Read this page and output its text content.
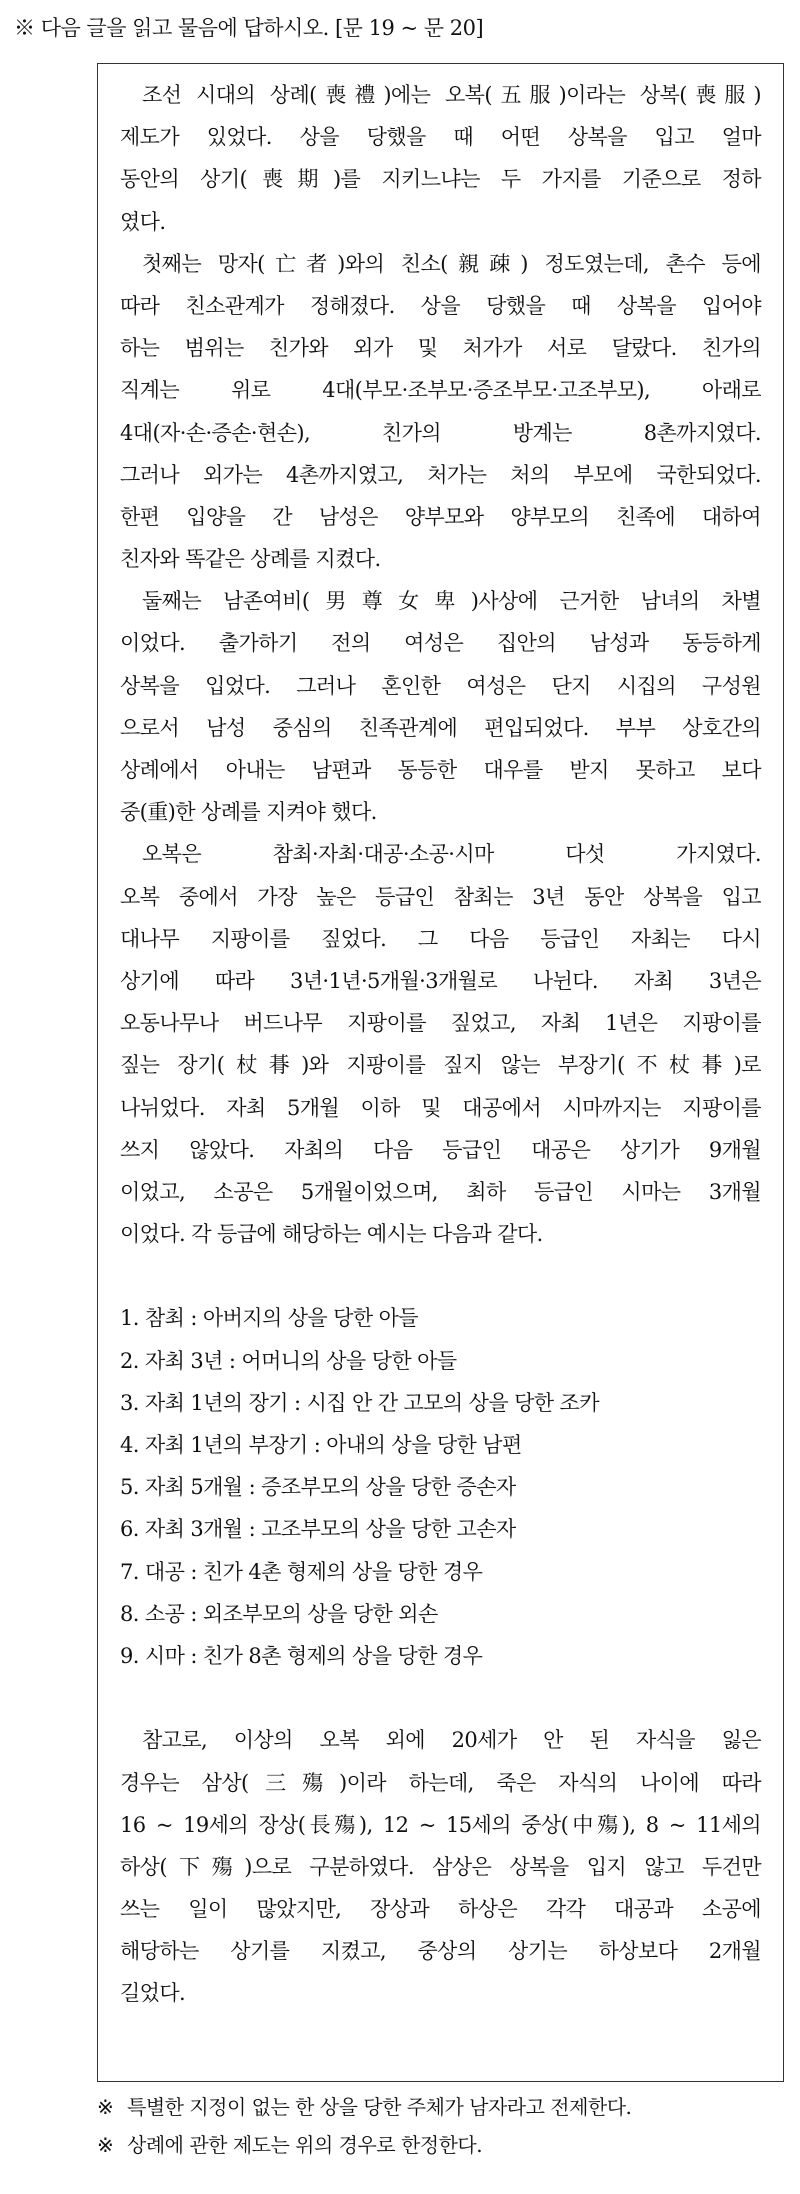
※ 다음 글을 읽고 물음에 답하시오. [문 19 ~ 문 20]
조선 시대의 상례(喪禮)에는 오복(五服)이라는 상복(喪服)
제도가 있었다. 상을 당했을 때 어떤 상복을 입고 얼마
동안의 상기(喪期)를 지키느냐는 두 가지를 기준으로 정하
였다.
첫째는 망자(亡者)와의 친소(親疎) 정도였는데, 촌수 등에
따라 친소관계가 정해졌다. 상을 당했을 때 상복을 입어야
하는 범위는 친가와 외가 및 처가가 서로 달랐다. 친가의
직계는 위로 4대(부모·조부모·증조부모·고조부모), 아래로
4대(자·손·증손·현손), 친가의 방계는 8촌까지였다.
그러나 외가는 4촌까지였고, 처가는 처의 부모에 국한되었다.
한편 입양을 간 남성은 양부모와 양부모의 친족에 대하여
친자와 똑같은 상례를 지켰다.
둘째는 남존여비(男尊女卑)사상에 근거한 남녀의 차별
이었다. 출가하기 전의 여성은 집안의 남성과 동등하게
상복을 입었다. 그러나 혼인한 여성은 단지 시집의 구성원
으로서 남성 중심의 친족관계에 편입되었다. 부부 상호간의
상례에서 아내는 남편과 동등한 대우를 받지 못하고 보다
중(重)한 상례를 지켜야 했다.
오복은 참최·자최·대공·소공·시마 다섯 가지였다.
오복 중에서 가장 높은 등급인 참최는 3년 동안 상복을 입고
대나무 지팡이를 짚었다. 그 다음 등급인 자최는 다시
상기에 따라 3년·1년·5개월·3개월로 나뉜다. 자최 3년은
오동나무나 버드나무 지팡이를 짚었고, 자최 1년은 지팡이를
짚는 장기(杖朞)와 지팡이를 짚지 않는 부장기(不杖朞)로
나뉘었다. 자최 5개월 이하 및 대공에서 시마까지는 지팡이를
쓰지 않았다. 자최의 다음 등급인 대공은 상기가 9개월
이었고, 소공은 5개월이었으며, 최하 등급인 시마는 3개월
이었다. 각 등급에 해당하는 예시는 다음과 같다.
1. 참최 : 아버지의 상을 당한 아들
2. 자최 3년 : 어머니의 상을 당한 아들
3. 자최 1년의 장기 : 시집 안 간 고모의 상을 당한 조카
4. 자최 1년의 부장기 : 아내의 상을 당한 남편
5. 자최 5개월 : 증조부모의 상을 당한 증손자
6. 자최 3개월 : 고조부모의 상을 당한 고손자
7. 대공 : 친가 4촌 형제의 상을 당한 경우
8. 소공 : 외조부모의 상을 당한 외손
9. 시마 : 친가 8촌 형제의 상을 당한 경우
참고로, 이상의 오복 외에 20세가 안 된 자식을 잃은
경우는 삼상(三殤)이라 하는데, 죽은 자식의 나이에 따라
16 ~ 19세의 장상(長殤), 12 ~ 15세의 중상(中殤), 8 ~ 11세의
하상(下殤)으로 구분하였다. 삼상은 상복을 입지 않고 두건만
쓰는 일이 많았지만, 장상과 하상은 각각 대공과 소공에
해당하는 상기를 지켰고, 중상의 상기는 하상보다 2개월
길었다.
※ 특별한 지정이 없는 한 상을 당한 주체가 남자라고 전제한다.
※ 상례에 관한 제도는 위의 경우로 한정한다.
